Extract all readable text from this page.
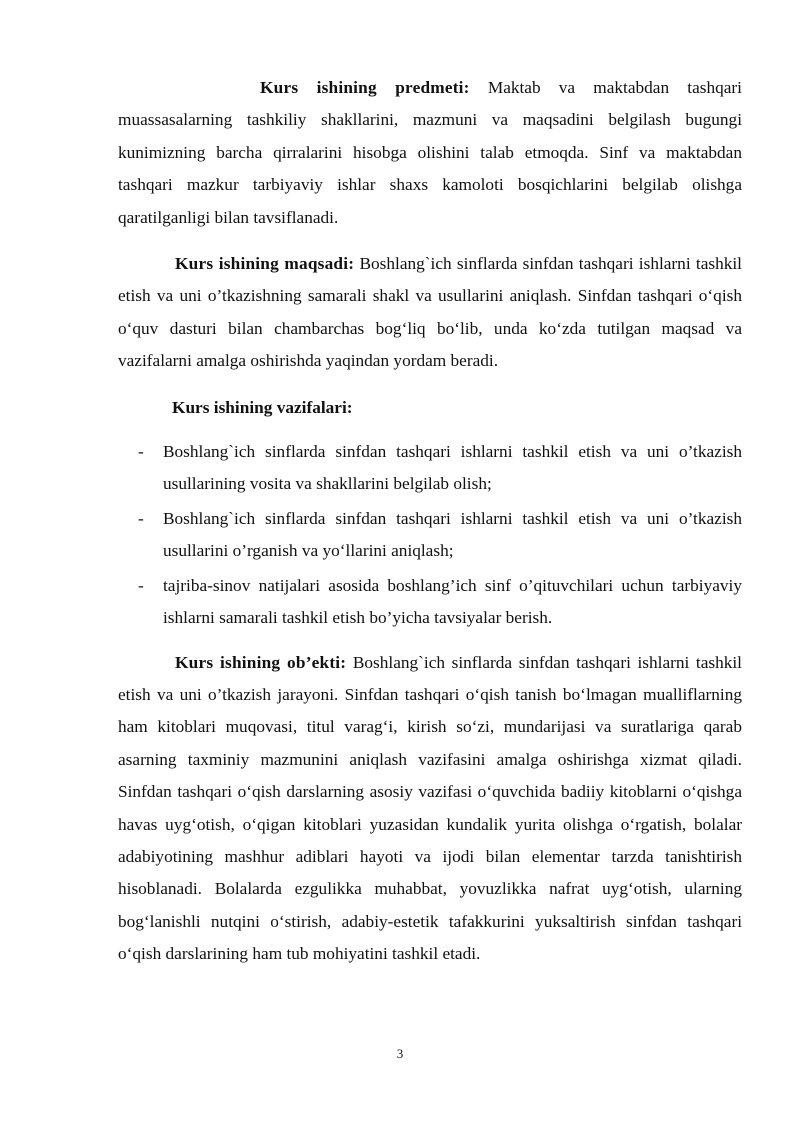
Kurs ishining predmeti: Maktab va maktabdan tashqari muassasalarning tashkiliy shakllarini, mazmuni va maqsadini belgilash bugungi kunimizning barcha qirralarini hisobga olishini talab etmoqda. Sinf va maktabdan tashqari mazkur tarbiyaviy ishlar shaxs kamoloti bosqichlarini belgilab olishga qaratilganligi bilan tavsiflanadi.

Kurs ishining maqsadi: Boshlang`ich sinflarda sinfdan tashqari ishlarni tashkil etish va uni o’tkazishning samarali shakl va usullarini aniqlash. Sinfdan tashqari o‘qish o‘quv dasturi bilan chambarchas bog‘liq bo‘lib, unda ko‘zda tutilgan maqsad va vazifalarni amalga oshirishda yaqindan yordam beradi.

Kurs ishining vazifalari:

- Boshlang`ich sinflarda sinfdan tashqari ishlarni tashkil etish va uni o’tkazish usullarining vosita va shakllarini belgilab olish;
- Boshlang`ich sinflarda sinfdan tashqari ishlarni tashkil etish va uni o’tkazish usullarini o’rganish va yo‘llarini aniqlash;
- tajriba-sinov natijalari asosida boshlang’ich sinf o’qituvchilari uchun tarbiyaviy ishlarni samarali tashkil etish bo’yicha tavsiyalar berish.

Kurs ishining ob’ekti: Boshlang`ich sinflarda sinfdan tashqari ishlarni tashkil etish va uni o’tkazish jarayoni. Sinfdan tashqari o‘qish tanish bo‘lmagan mualliflarning ham kitoblari muqovasi, titul varag‘i, kirish so‘zi, mundarijasi va suratlariga qarab asarning taxminiy mazmunini aniqlash vazifasini amalga oshirishga xizmat qiladi. Sinfdan tashqari o‘qish darslarning asosiy vazifasi o‘quvchida badiiy kitoblarni o‘qishga havas uyg‘otish, o‘qigan kitoblari yuzasidan kundalik yurita olishga o‘rgatish, bolalar adabiyotining mashhur adiblari hayoti va ijodi bilan elementar tarzda tanishtirish hisoblanadi. Bolalarda ezgulikka muhabbat, yovuzlikka nafrat uyg‘otish, ularning bog‘lanishli nutqini o‘stirish, adabiy-estetik tafakkurini yuksaltirish sinfdan tashqari o‘qish darslarining ham tub mohiyatini tashkil etadi.

3
